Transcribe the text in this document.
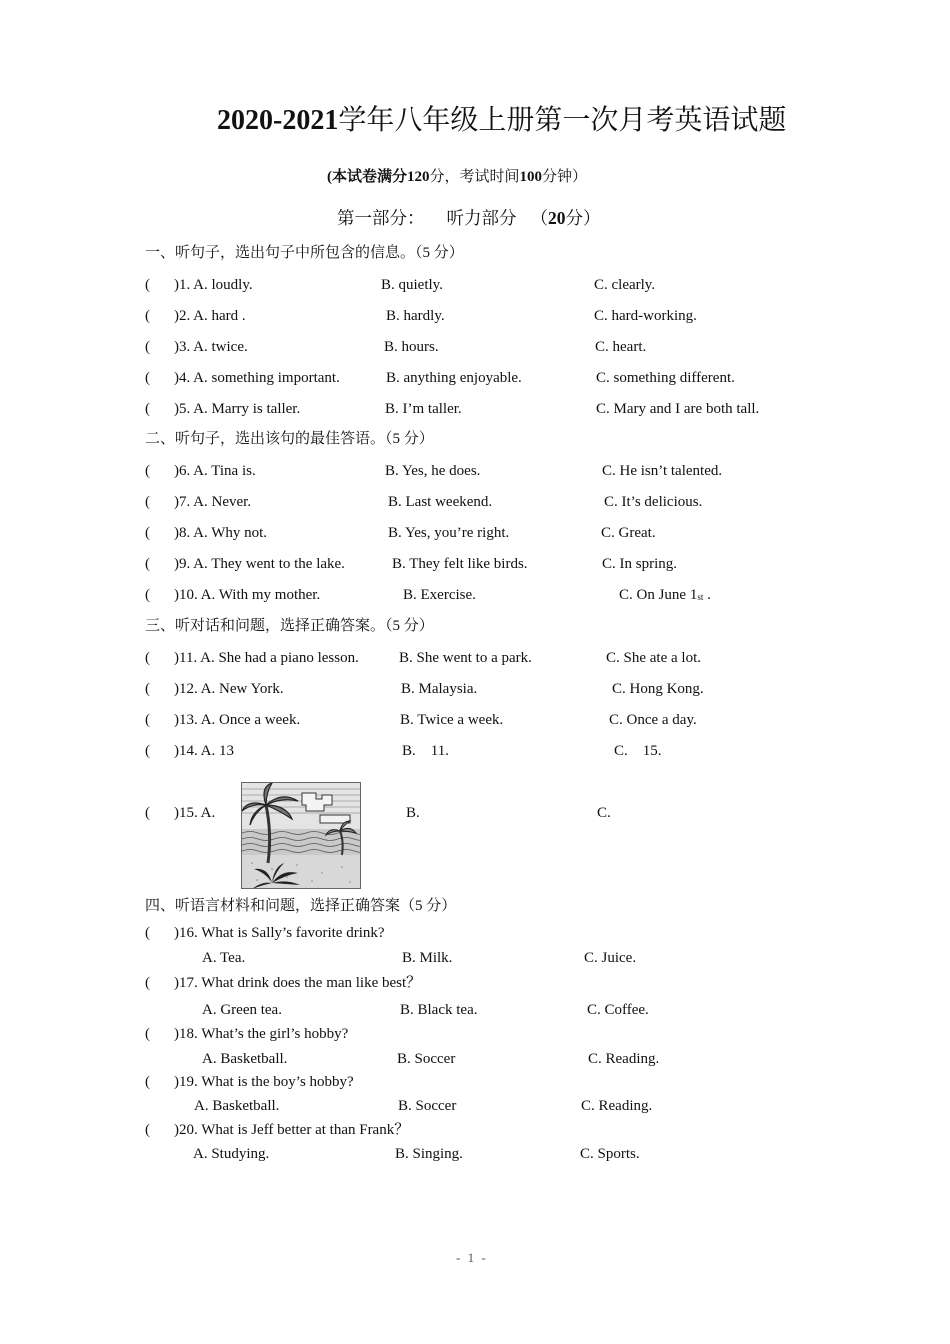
2020-2021学年八年级上册第一次月考英语试题
(本试卷满分120分，考试时间100分钟）
第一部分： 听力部分 （20分）
一、听句子，选出句子中所包含的信息。（5 分）
二、听句子，选出该句的最佳答语。（5 分）
三、听对话和问题，选择正确答案。（5 分）
四、听语言材料和问题，选择正确答案（5 分）
( )1. A. loudly.	B. quietly.	C. clearly.
( )2. A. hard .	B. hardly.	C. hard-working.
( )3. A. twice.	B. hours.	C. heart.
( )4. A. something important.	B. anything enjoyable.	C. something different.
( )5. A. Marry is taller.	B. I’m taller.	C. Mary and I are both tall.
( )6. A. Tina is.	B. Yes, he does.	C. He isn’t talented.
( )7. A. Never.	B. Last weekend.	C. It’s delicious.
( )8. A. Why not.	B. Yes, you’re right.	C. Great.
( )9. A. They went to the lake.	B. They felt like birds.	C. In spring.
( )10. A. With my mother.	B. Exercise.	C. On June 1st .
( )11. A. She had a piano lesson.	B. She went to a park.	C. She ate a lot.
( )12. A. New York.	B. Malaysia.	C. Hong Kong.
( )13. A. Once a week.	B. Twice a week.	C. Once a day.
( )14. A. 13	B.    11.	C.    15.
( )15. A.	B.	C.
( )16. What is Sally’s favorite drink?
A. Tea.	B. Milk.	C. Juice.
( )17. What drink does the man like best？
A. Green tea.	B. Black tea.	C. Coffee.
( )18. What’s the girl’s hobby?
A. Basketball.	B. Soccer	C. Reading.
( )19. What is the boy’s hobby?
A. Basketball.	B. Soccer	C. Reading.
( )20. What is Jeff better at than Frank？
A. Studying.	B. Singing.	C. Sports.
- 1 -
